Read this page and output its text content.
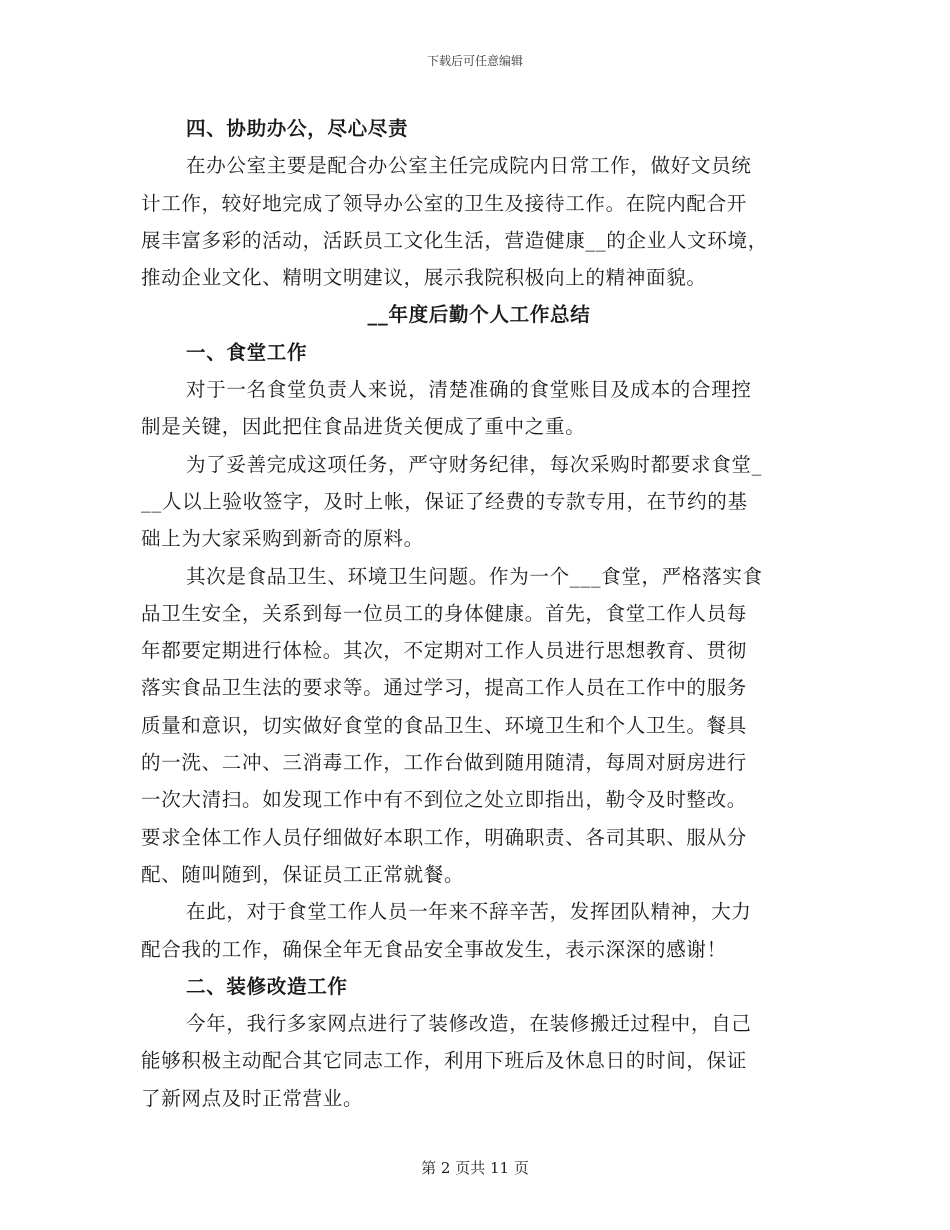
下载后可任意编辑
四、协助办公，尽心尽责
在办公室主要是配合办公室主任完成院内日常工作，做好文员统
计工作，较好地完成了领导办公室的卫生及接待工作。在院内配合开
展丰富多彩的活动，活跃员工文化生活，营造健康__的企业人文环境，
推动企业文化、精明文明建议，展示我院积极向上的精神面貌。
__年度后勤个人工作总结
一、食堂工作
对于一名食堂负责人来说，清楚准确的食堂账目及成本的合理控
制是关键，因此把住食品进货关便成了重中之重。
为了妥善完成这项任务，严守财务纪律，每次采购时都要求食堂_
__人以上验收签字，及时上帐，保证了经费的专款专用，在节约的基
础上为大家采购到新奇的原料。
其次是食品卫生、环境卫生问题。作为一个___食堂，严格落实食
品卫生安全，关系到每一位员工的身体健康。首先，食堂工作人员每
年都要定期进行体检。其次，不定期对工作人员进行思想教育、贯彻
落实食品卫生法的要求等。通过学习，提高工作人员在工作中的服务
质量和意识，切实做好食堂的食品卫生、环境卫生和个人卫生。餐具
的一洗、二冲、三消毒工作，工作台做到随用随清，每周对厨房进行
一次大清扫。如发现工作中有不到位之处立即指出，勒令及时整改。
要求全体工作人员仔细做好本职工作，明确职责、各司其职、服从分
配、随叫随到，保证员工正常就餐。
在此，对于食堂工作人员一年来不辞辛苦，发挥团队精神，大力
配合我的工作，确保全年无食品安全事故发生，表示深深的感谢！
二、装修改造工作
今年，我行多家网点进行了装修改造，在装修搬迁过程中，自己
能够积极主动配合其它同志工作，利用下班后及休息日的时间，保证
了新网点及时正常营业。
第 2 页共 11 页
